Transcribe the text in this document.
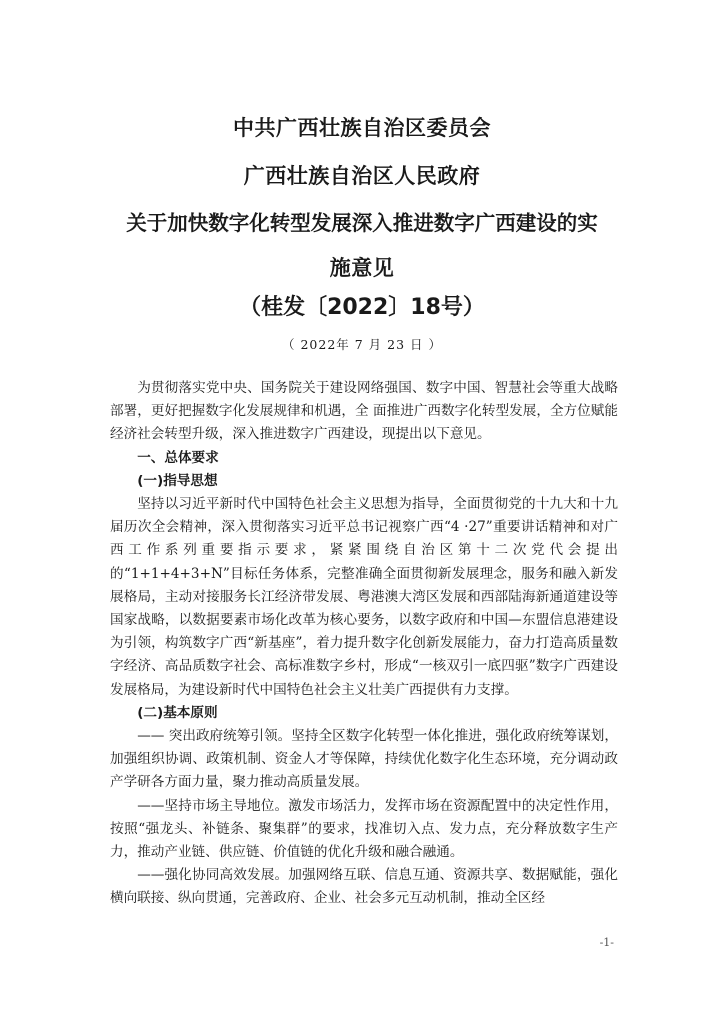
中共广西壮族自治区委员会
广西壮族自治区人民政府
关于加快数字化转型发展深入推进数字广西建设的实
施意见
（桂发〔2022〕18号）
（ 2022年 7 月 23 日 ）

为贯彻落实党中央、国务院关于建设网络强国、数字中国、智慧社会等重大战略部署，更好把握数字化发展规律和机遇，全 面推进广西数字化转型发展，全方位赋能经济社会转型升级，深入推进数字广西建设，现提出以下意见。

一、总体要求
(一)指导思想

坚持以习近平新时代中国特色社会主义思想为指导，全面贯彻党的十九大和十九届历次全会精神，深入贯彻落实习近平总书记视察广西“4 ·27”重要讲话精神和对广西工作系列重要指示要求，紧紧围绕自治区第十二次党代会提出的“1+1+4+3+N”目标任务体系，完整准确全面贯彻新发展理念，服务和融入新发展格局，主动对接服务长江经济带发展、粤港澳大湾区发展和西部陆海新通道建设等国家战略，以数据要素市场化改革为核心要务，以数字政府和中国—东盟信息港建设为引领，构筑数字广西“新基座”，着力提升数字化创新发展能力，奋力打造高质量数字经济、高品质数字社会、高标准数字乡村，形成“一核双引一底四驱”数字广西建设发展格局，为建设新时代中国特色社会主义壮美广西提供有力支撑。

(二)基本原则

—— 突出政府统筹引领。坚持全区数字化转型一体化推进，强化政府统筹谋划，加强组织协调、政策机制、资金人才等保障，持续优化数字化生态环境，充分调动政产学研各方面力量，聚力推动高质量发展。

——坚持市场主导地位。激发市场活力，发挥市场在资源配置中的决定性作用，按照“强龙头、补链条、聚集群”的要求，找准切入点、发力点，充分释放数字生产力，推动产业链、供应链、价值链的优化升级和融合融通。

——强化协同高效发展。加强网络互联、信息互通、资源共享、数据赋能，强化横向联接、纵向贯通，完善政府、企业、社会多元互动机制，推动全区经

-1-
